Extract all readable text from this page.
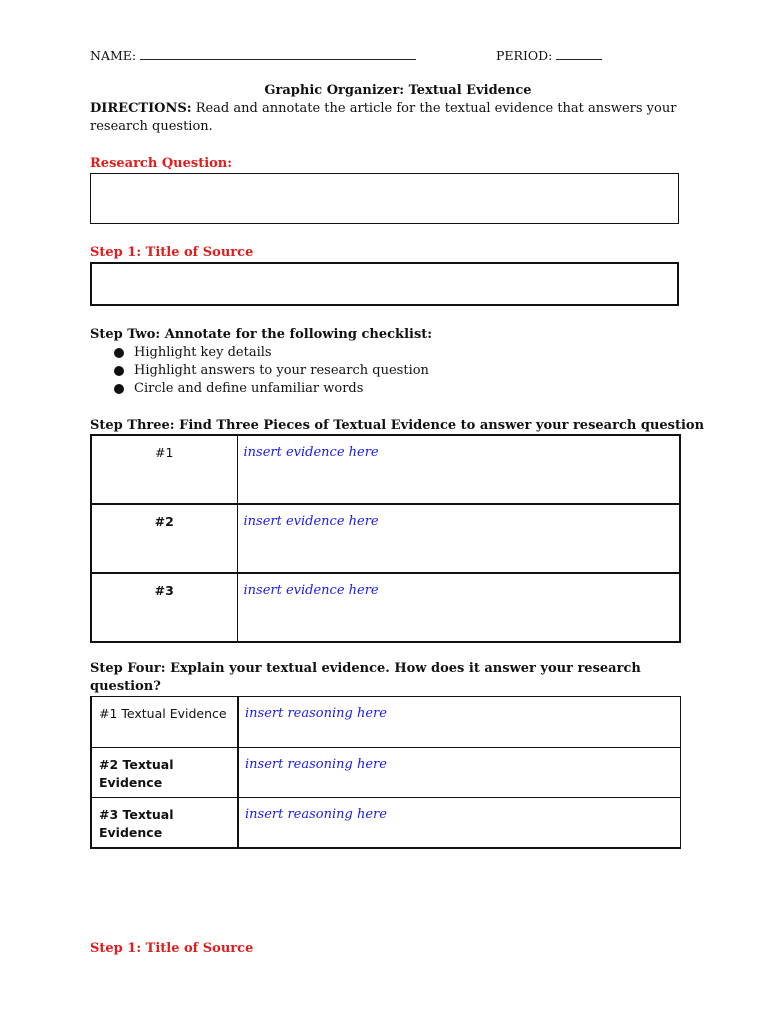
NAME:	PERIOD:
Graphic Organizer: Textual Evidence
DIRECTIONS: Read and annotate the article for the textual evidence that answers your research question.
Research Question:
Step 1: Title of Source
Step Two: Annotate for the following checklist:
Highlight key details
Highlight answers to your research question
Circle and define unfamiliar words
Step Three: Find Three Pieces of Textual Evidence to answer your research question
#1	insert evidence here
#2	insert evidence here
#3	insert evidence here
Step Four: Explain your textual evidence. How does it answer your research question?
#1 Textual Evidence	insert reasoning here
#2 Textual Evidence	insert reasoning here
#3 Textual Evidence	insert reasoning here
Step 1: Title of Source
